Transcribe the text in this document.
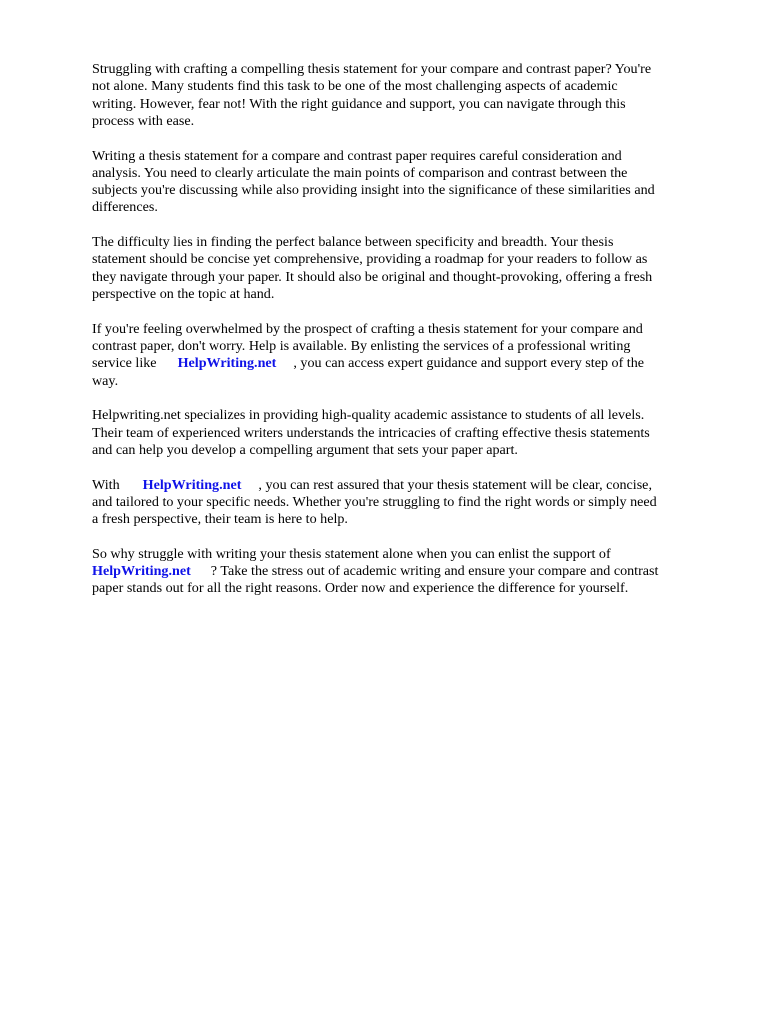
Struggling with crafting a compelling thesis statement for your compare and contrast paper? You're
not alone. Many students find this task to be one of the most challenging aspects of academic
writing. However, fear not! With the right guidance and support, you can navigate through this
process with ease.

Writing a thesis statement for a compare and contrast paper requires careful consideration and
analysis. You need to clearly articulate the main points of comparison and contrast between the
subjects you're discussing while also providing insight into the significance of these similarities and
differences.

The difficulty lies in finding the perfect balance between specificity and breadth. Your thesis
statement should be concise yet comprehensive, providing a roadmap for your readers to follow as
they navigate through your paper. It should also be original and thought-provoking, offering a fresh
perspective on the topic at hand.

If you're feeling overwhelmed by the prospect of crafting a thesis statement for your compare and
contrast paper, don't worry. Help is available. By enlisting the services of a professional writing
service like HelpWriting.net , you can access expert guidance and support every step of the
way.

Helpwriting.net specializes in providing high-quality academic assistance to students of all levels.
Their team of experienced writers understands the intricacies of crafting effective thesis statements
and can help you develop a compelling argument that sets your paper apart.

With HelpWriting.net , you can rest assured that your thesis statement will be clear, concise,
and tailored to your specific needs. Whether you're struggling to find the right words or simply need
a fresh perspective, their team is here to help.

So why struggle with writing your thesis statement alone when you can enlist the support of
HelpWriting.net ? Take the stress out of academic writing and ensure your compare and contrast
paper stands out for all the right reasons. Order now and experience the difference for yourself.
